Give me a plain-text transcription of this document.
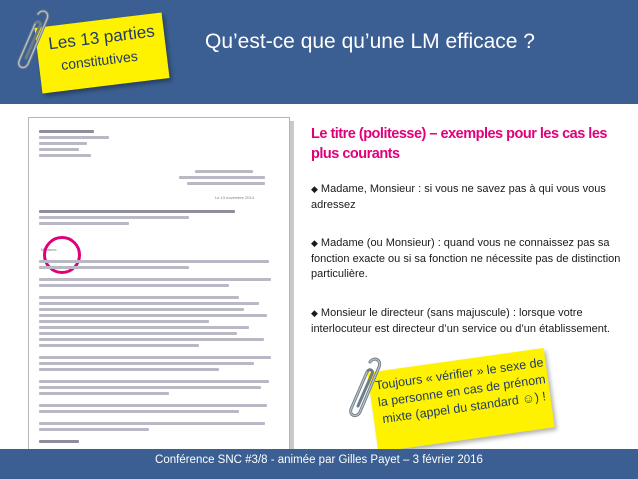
Qu’est-ce que qu’une LM efficace ?
Les 13 parties
constitutives
Le 13 novembre 2014
Madame,
Le titre (politesse) – exemples pour les cas les plus courants
◆ Madame, Monsieur : si vous ne savez pas à qui vous vous adressez
◆ Madame (ou Monsieur) : quand vous ne connaissez pas sa fonction exacte ou si sa fonction ne nécessite pas de distinction particulière.
◆ Monsieur le directeur (sans majuscule) : lorsque votre interlocuteur est directeur d’un service ou d’un établissement.
Toujours « vérifier » le sexe de la personne en cas de prénom mixte (appel du standard ☺) !
Conférence SNC #3/8 - animée par Gilles Payet – 3 février 2016
